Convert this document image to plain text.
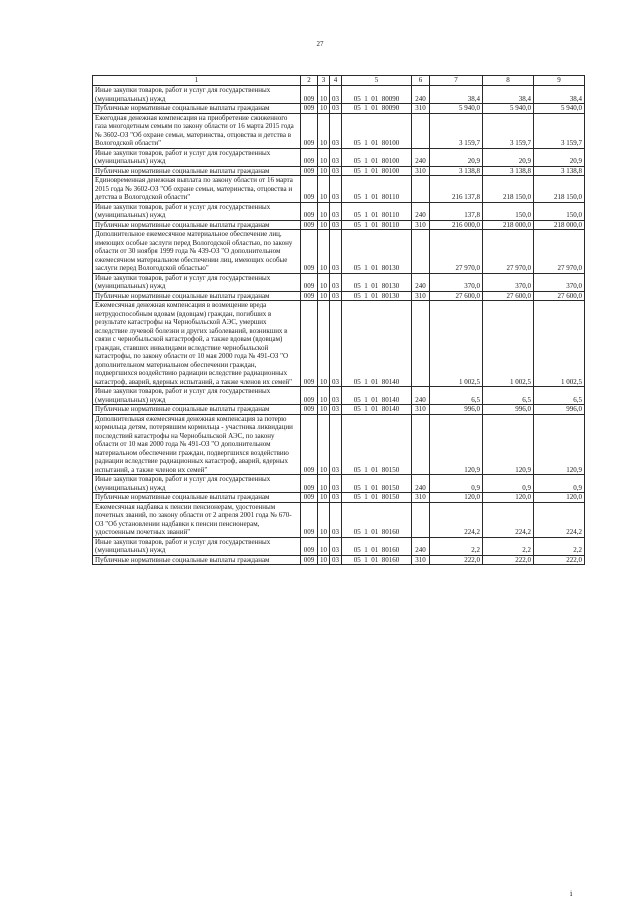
27
1	2	3	4	5	6	7	8	9
Иные закупки товаров, работ и услуг для государственных (муниципальных) нужд	009	10	03	05  1  01  80090	240	38,4	38,4	38,4
Публичные нормативные социальные выплаты гражданам	009	10	03	05  1  01  80090	310	5 940,0	5 940,0	5 940,0
Ежегодная денежная компенсация на приобретение сжиженного газа многодетным семьям по закону области от 16 марта 2015 года № 3602-ОЗ "Об охране семьи, материнства, отцовства и детства в Вологодской области"	009	10	03	05  1  01  80100		3 159,7	3 159,7	3 159,7
Иные закупки товаров, работ и услуг для государственных (муниципальных) нужд	009	10	03	05  1  01  80100	240	20,9	20,9	20,9
Публичные нормативные социальные выплаты гражданам	009	10	03	05  1  01  80100	310	3 138,8	3 138,8	3 138,8
Единовременная денежная выплата по закону области от 16 марта 2015 года № 3602-ОЗ "Об охране семьи, материнства, отцовства и детства в Вологодской области"	009	10	03	05  1  01  80110		216 137,8	218 150,0	218 150,0
Иные закупки товаров, работ и услуг для государственных (муниципальных) нужд	009	10	03	05  1  01  80110	240	137,8	150,0	150,0
Публичные нормативные социальные выплаты гражданам	009	10	03	05  1  01  80110	310	216 000,0	218 000,0	218 000,0
Дополнительное ежемесячное материальное обеспечение лиц, имеющих особые заслуги перед Вологодской областью, по закону области от 30 ноября 1999 года № 439-ОЗ "О дополнительном ежемесячном материальном обеспечении лиц, имеющих особые заслуги перед Вологодской областью"	009	10	03	05  1  01  80130		27 970,0	27 970,0	27 970,0
Иные закупки товаров, работ и услуг для государственных (муниципальных) нужд	009	10	03	05  1  01  80130	240	370,0	370,0	370,0
Публичные нормативные социальные выплаты гражданам	009	10	03	05  1  01  80130	310	27 600,0	27 600,0	27 600,0
Ежемесячная денежная компенсация в возмещение вреда нетрудоспособным вдовам (вдовцам) граждан, погибших в результате катастрофы на Чернобыльской АЭС, умерших вследствие лучевой болезни и других заболеваний, возникших в связи с чернобыльской катастрофой, а также вдовам (вдовцам) граждан, ставших инвалидами вследствие чернобыльской катастрофы, по закону области от 10 мая 2000 года № 491-ОЗ "О дополнительном материальном обеспечении граждан, подвергшихся воздействию радиации вследствие радиационных катастроф, аварий, ядерных испытаний, а также членов их семей"	009	10	03	05  1  01  80140		1 002,5	1 002,5	1 002,5
Иные закупки товаров, работ и услуг для государственных (муниципальных) нужд	009	10	03	05  1  01  80140	240	6,5	6,5	6,5
Публичные нормативные социальные выплаты гражданам	009	10	03	05  1  01  80140	310	996,0	996,0	996,0
Дополнительная ежемесячная денежная компенсация за потерю кормильца детям, потерявшим кормильца - участника ликвидации последствий катастрофы на Чернобыльской АЭС, по закону области от 10 мая 2000 года № 491-ОЗ "О дополнительном материальном обеспечении граждан, подвергшихся воздействию радиации вследствие радиационных катастроф, аварий, ядерных испытаний, а также членов их семей"	009	10	03	05  1  01  80150		120,9	120,9	120,9
Иные закупки товаров, работ и услуг для государственных (муниципальных) нужд	009	10	03	05  1  01  80150	240	0,9	0,9	0,9
Публичные нормативные социальные выплаты гражданам	009	10	03	05  1  01  80150	310	120,0	120,0	120,0
Ежемесячная надбавка к пенсии пенсионерам, удостоенным почетных званий, по закону области от 2 апреля 2001 года № 670-ОЗ "Об установлении надбавки к пенсии пенсионерам, удостоенным почетных званий"	009	10	03	05  1  01  80160		224,2	224,2	224,2
Иные закупки товаров, работ и услуг для государственных (муниципальных) нужд	009	10	03	05  1  01  80160	240	2,2	2,2	2,2
Публичные нормативные социальные выплаты гражданам	009	10	03	05  1  01  80160	310	222,0	222,0	222,0
ⅰ
